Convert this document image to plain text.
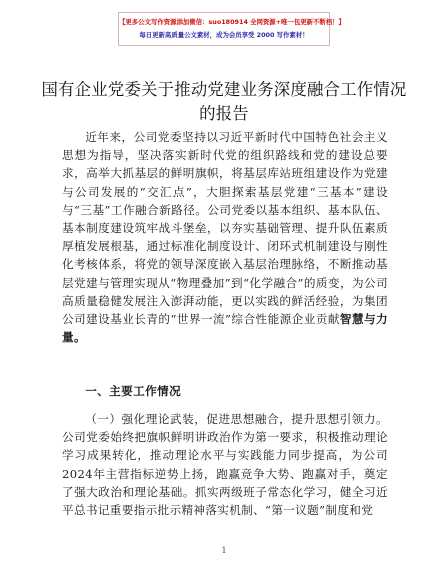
【更多公文写作资源添加微信：suo180914 全网资源+唯一包更新不断档！】
每日更新高质量公文素材，成为会员享受 2000 写作素材！
国有企业党委关于推动党建业务深度融合工作情况的报告
近年来，公司党委坚持以习近平新时代中国特色社会主义思想为指导，坚决落实新时代党的组织路线和党的建设总要求，高举大抓基层的鲜明旗帜，将基层库站班组建设作为党建与公司发展的“交汇点”，大胆探索基层党建“三基本”建设与“三基”工作融合新路径。公司党委以基本组织、基本队伍、基本制度建设筑牢战斗堡垒，以夯实基础管理、提升队伍素质厚植发展根基，通过标准化制度设计、闭环式机制建设与刚性化考核体系，将党的领导深度嵌入基层治理脉络，不断推动基层党建与管理实现从“物理叠加”到“化学融合”的质变，为公司高质量稳健发展注入澎湃动能，更以实践的鲜活经验，为集团公司建设基业长青的“世界一流”综合性能源企业贡献智慧与力量。
一、主要工作情况
（一）强化理论武装，促进思想融合，提升思想引领力。公司党委始终把旗帜鲜明讲政治作为第一要求，积极推动理论学习成果转化，推动理论水平与实践能力同步提高，为公司2024年主营指标逆势上扬，跑赢竞争大势、跑赢对手，奠定了强大政治和理论基础。抓实两级班子常态化学习，健全习近平总书记重要指示批示精神落实机制、“第一议题”制度和党
1
